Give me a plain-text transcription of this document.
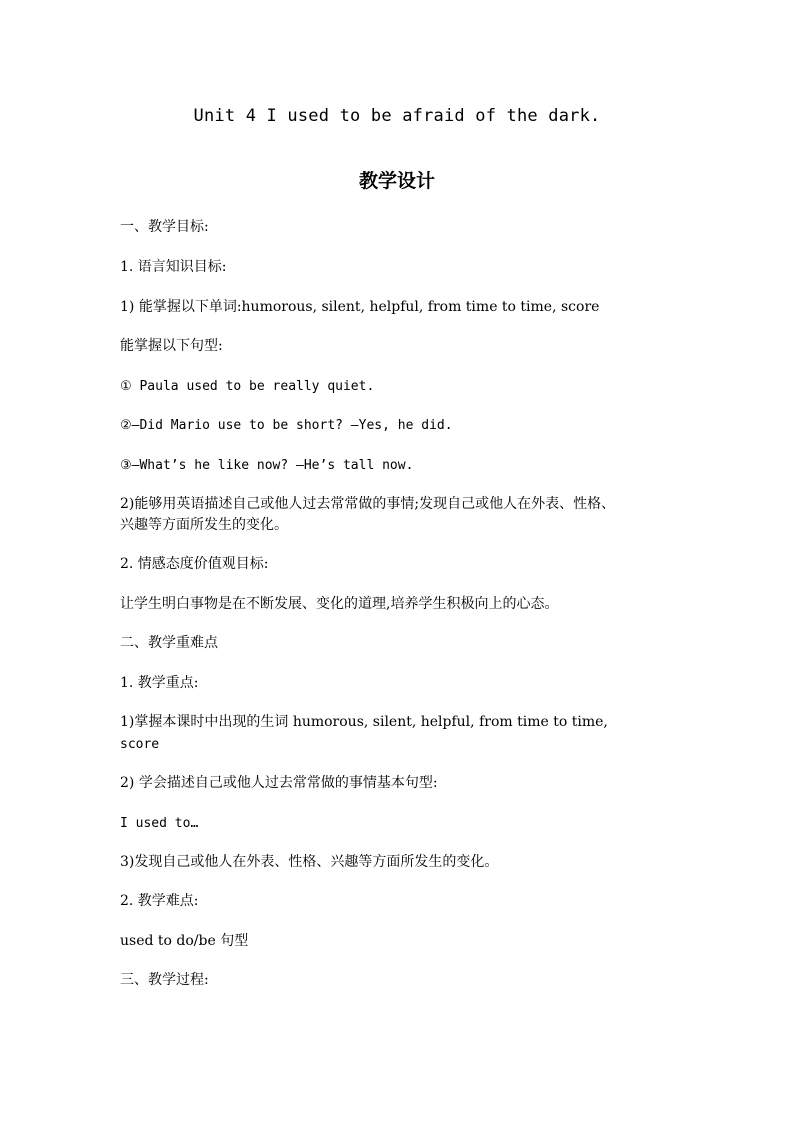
Unit 4 I used to be afraid of the dark.
教学设计
一、教学目标:
1. 语言知识目标:
1) 能掌握以下单词:humorous, silent, helpful, from time to time, score
能掌握以下句型:
① Paula used to be really quiet.
②—Did Mario use to be short? —Yes, he did.
③—What’s he like now? —He’s tall now.
2)能够用英语描述自己或他人过去常常做的事情;发现自己或他人在外表、性格、
兴趣等方面所发生的变化。
2. 情感态度价值观目标:
让学生明白事物是在不断发展、变化的道理,培养学生积极向上的心态。
二、教学重难点
1. 教学重点:
1)掌握本课时中出现的生词 humorous, silent, helpful, from time to time,
score
2) 学会描述自己或他人过去常常做的事情基本句型:
I used to…
3)发现自己或他人在外表、性格、兴趣等方面所发生的变化。
2. 教学难点:
used to do/be 句型
三、教学过程:
